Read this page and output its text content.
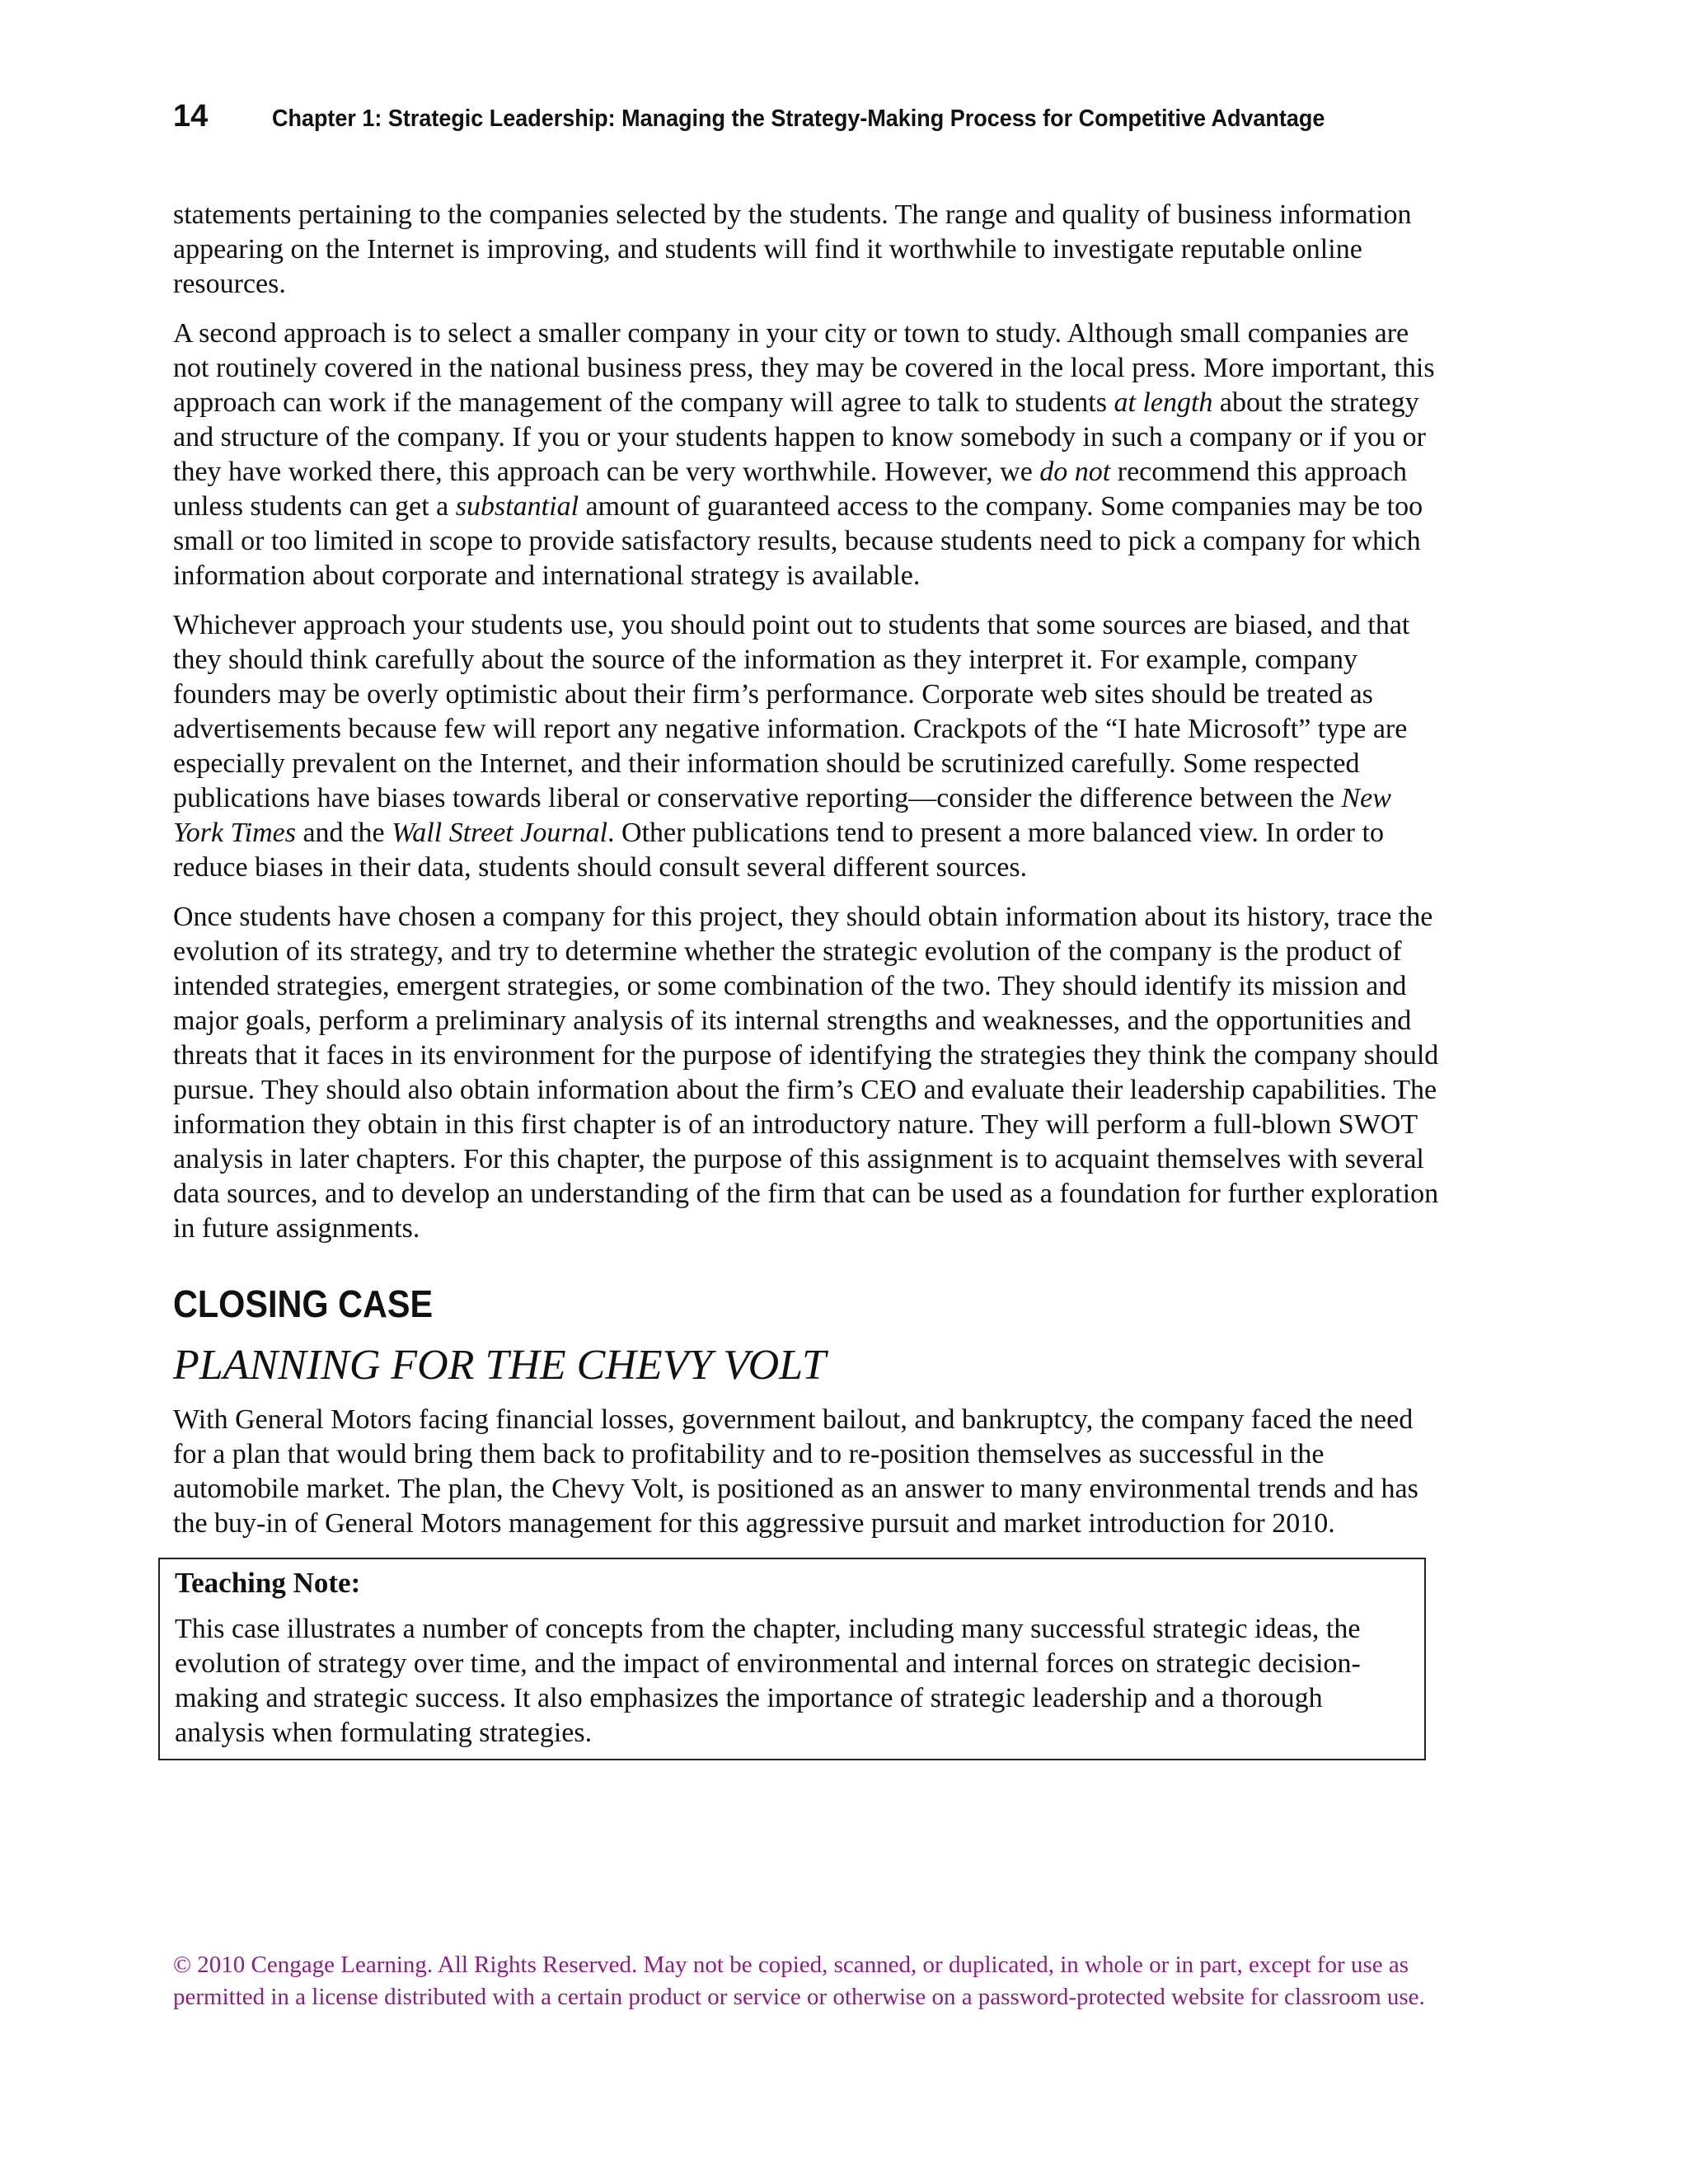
14	Chapter 1: Strategic Leadership: Managing the Strategy-Making Process for Competitive Advantage

statements pertaining to the companies selected by the students. The range and quality of business information appearing on the Internet is improving, and students will find it worthwhile to investigate reputable online resources.

A second approach is to select a smaller company in your city or town to study. Although small companies are not routinely covered in the national business press, they may be covered in the local press. More important, this approach can work if the management of the company will agree to talk to students at length about the strategy and structure of the company. If you or your students happen to know somebody in such a company or if you or they have worked there, this approach can be very worthwhile. However, we do not recommend this approach unless students can get a substantial amount of guaranteed access to the company. Some companies may be too small or too limited in scope to provide satisfactory results, because students need to pick a company for which information about corporate and international strategy is available.

Whichever approach your students use, you should point out to students that some sources are biased, and that they should think carefully about the source of the information as they interpret it. For example, company founders may be overly optimistic about their firm’s performance. Corporate web sites should be treated as advertisements because few will report any negative information. Crackpots of the “I hate Microsoft” type are especially prevalent on the Internet, and their information should be scrutinized carefully. Some respected publications have biases towards liberal or conservative reporting—consider the difference between the New York Times and the Wall Street Journal. Other publications tend to present a more balanced view. In order to reduce biases in their data, students should consult several different sources.

Once students have chosen a company for this project, they should obtain information about its history, trace the evolution of its strategy, and try to determine whether the strategic evolution of the company is the product of intended strategies, emergent strategies, or some combination of the two. They should identify its mission and major goals, perform a preliminary analysis of its internal strengths and weaknesses, and the opportunities and threats that it faces in its environment for the purpose of identifying the strategies they think the company should pursue. They should also obtain information about the firm’s CEO and evaluate their leadership capabilities. The information they obtain in this first chapter is of an introductory nature. They will perform a full-blown SWOT analysis in later chapters. For this chapter, the purpose of this assignment is to acquaint themselves with several data sources, and to develop an understanding of the firm that can be used as a foundation for further exploration in future assignments.

CLOSING CASE
PLANNING FOR THE CHEVY VOLT

With General Motors facing financial losses, government bailout, and bankruptcy, the company faced the need for a plan that would bring them back to profitability and to re-position themselves as successful in the automobile market. The plan, the Chevy Volt, is positioned as an answer to many environmental trends and has the buy-in of General Motors management for this aggressive pursuit and market introduction for 2010.

Teaching Note:
This case illustrates a number of concepts from the chapter, including many successful strategic ideas, the evolution of strategy over time, and the impact of environmental and internal forces on strategic decision-making and strategic success. It also emphasizes the importance of strategic leadership and a thorough analysis when formulating strategies.
© 2010 Cengage Learning. All Rights Reserved. May not be copied, scanned, or duplicated, in whole or in part, except for use as permitted in a license distributed with a certain product or service or otherwise on a password-protected website for classroom use.
